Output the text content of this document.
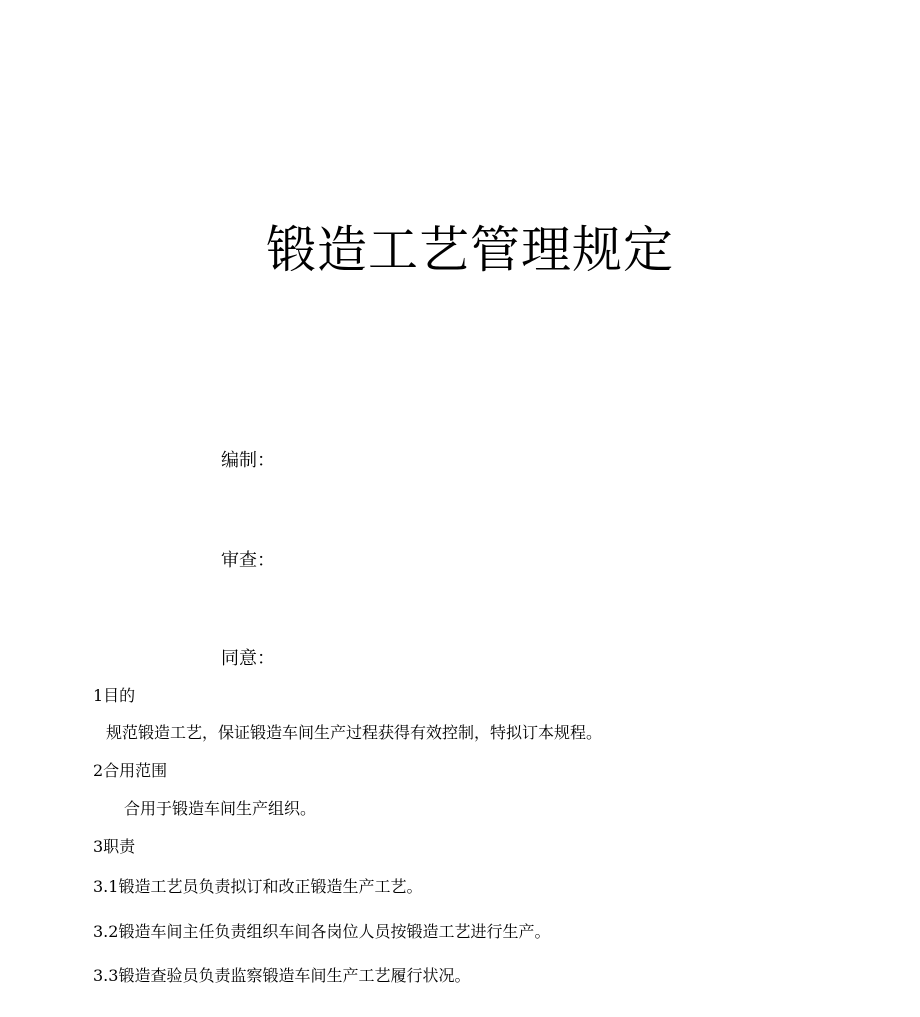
锻造工艺管理规定
编制：
审查：
同意：
1目的
规范锻造工艺，保证锻造车间生产过程获得有效控制，特拟订本规程。
2合用范围
合用于锻造车间生产组织。
3职责
3.1锻造工艺员负责拟订和改正锻造生产工艺。
3.2锻造车间主任负责组织车间各岗位人员按锻造工艺进行生产。
3.3锻造查验员负责监察锻造车间生产工艺履行状况。
